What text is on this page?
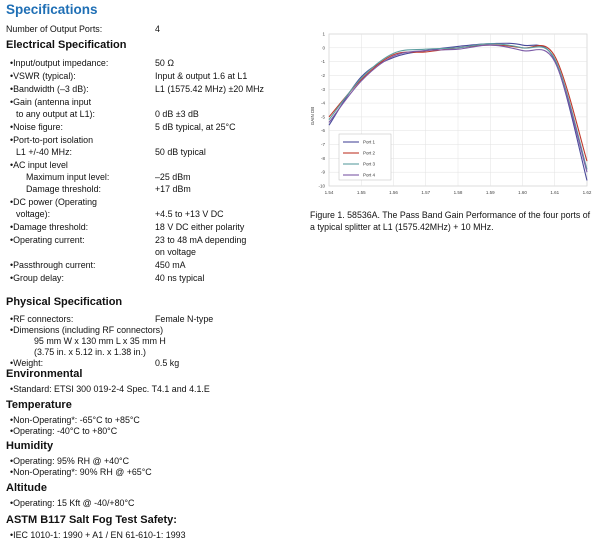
Specifications
Number of Output Ports:	4
Electrical Specification
•Input/output impedance:	50 Ω
•VSWR (typical):	Input & output 1.6 at L1
•Bandwidth (–3 dB):	L1 (1575.42 MHz) ±20 MHz
•Gain (antenna input
to any output at L1):	0 dB ±3 dB
•Noise figure:	5 dB typical, at 25°C
•Port-to-port isolation
L1 +/-40 MHz:	50 dB typical
•AC input level
Maximum input level:	–25 dBm
Damage threshold:	+17 dBm
•DC power (Operating
voltage):	+4.5 to +13 V DC
•Damage threshold:	18 V DC either polarity
•Operating current:	23 to 48 mA depending
on voltage
•Passthrough current:	450 mA
•Group delay:	40 ns typical
Physical Specification
•RF connectors:	Female N-type
•Dimensions (including RF connectors)
95 mm W x 130 mm L x 35 mm H
(3.75 in. x 5.12 in. x 1.38 in.)
•Weight:	0.5 kg
Environmental
•Standard: ETSI 300 019-2-4 Spec. T4.1 and 4.1.E
Temperature
•Non-Operating*: -65°C to +85°C
•Operating: -40°C to +80°C
Humidity
•Operating: 95% RH @ +40°C
•Non-Operating*: 90% RH @ +65°C
Altitude
•Operating: 15 Kft @ -40/+80°C
ASTM B117 Salt Fog Test Safety:
•IEC 1010-1: 1990 + A1 / EN 61-610-1: 1993
1
0
-1
-2
-3
-4
-5
-6
-7
-8
-9
-10
1.54	1.55	1.56	1.57	1.58	1.59	1.60	1.61	1.62
Port 1
Port 2
Port 3
Port 4
GAIN DB
Figure 1. 58536A. The Pass Band Gain Performance of the four ports of a typical splitter at L1 (1575.42MHz) + 10 MHz.
